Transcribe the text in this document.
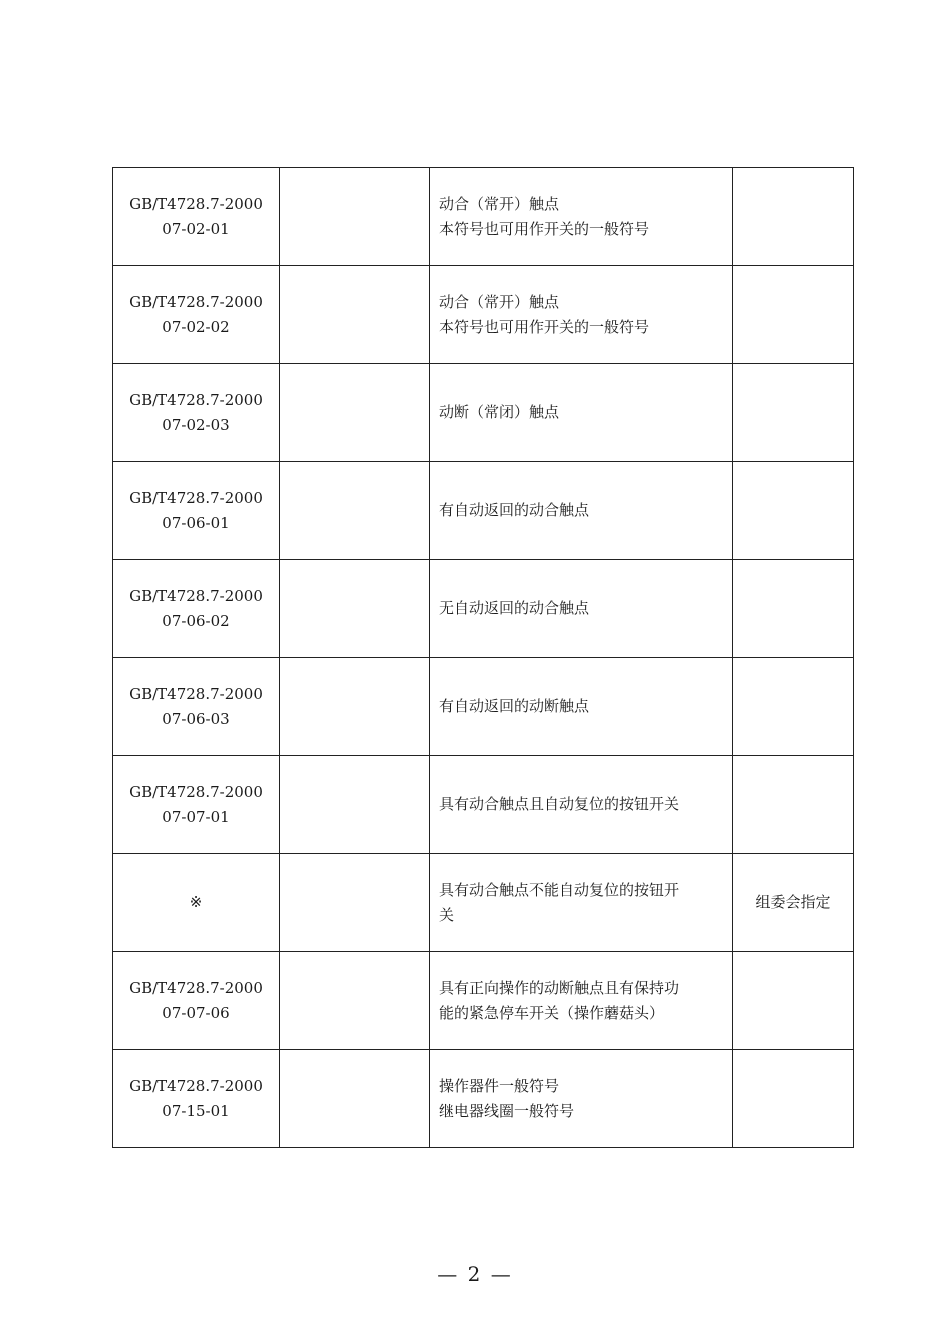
GB/T4728.7-2000
07-02-01		动合（常开）触点
本符号也可用作开关的一般符号	

GB/T4728.7-2000
07-02-02		动合（常开）触点
本符号也可用作开关的一般符号	

GB/T4728.7-2000
07-02-03		动断（常闭）触点	

GB/T4728.7-2000
07-06-01		有自动返回的动合触点	

GB/T4728.7-2000
07-06-02		无自动返回的动合触点	

GB/T4728.7-2000
07-06-03		有自动返回的动断触点	

GB/T4728.7-2000
07-07-01		具有动合触点且自动复位的按钮开关	

※		具有动合触点不能自动复位的按钮开
关	组委会指定

GB/T4728.7-2000
07-07-06		具有正向操作的动断触点且有保持功
能的紧急停车开关（操作蘑菇头）	

GB/T4728.7-2000
07-15-01		操作器件一般符号
继电器线圈一般符号	

— 2 —
